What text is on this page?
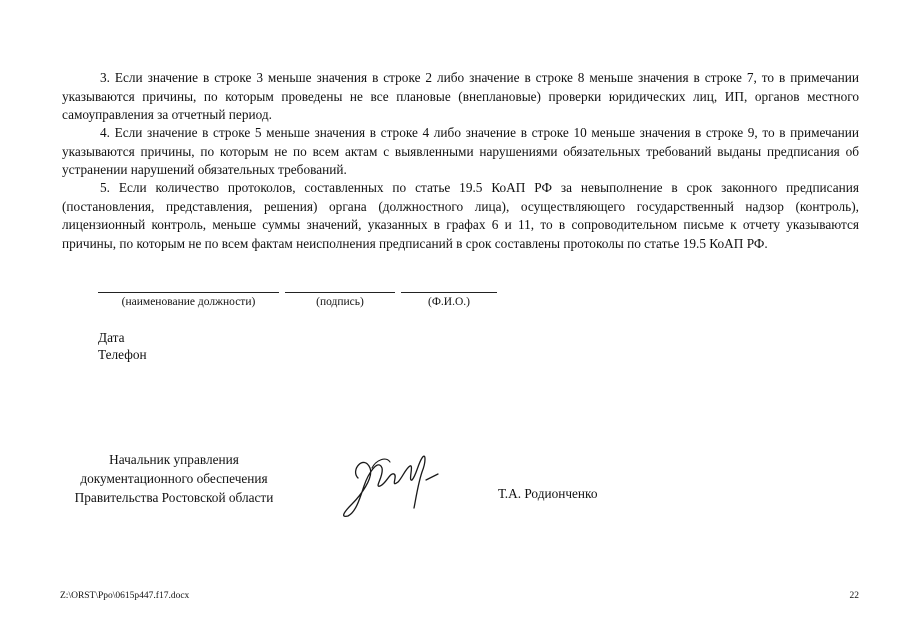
3. Если значение в строке 3 меньше значения в строке 2 либо значение в строке 8 меньше значения в строке 7, то в примечании указываются причины, по которым проведены не все плановые (внеплановые) проверки юридических лиц, ИП, органов местного самоуправления за отчетный период.

4. Если значение в строке 5 меньше значения в строке 4 либо значение в строке 10 меньше значения в строке 9, то в примечании указываются причины, по которым не по всем актам с выявленными нарушениями обязательных требований выданы предписания об устранении нарушений обязательных требований.

5. Если количество протоколов, составленных по статье 19.5 КоАП РФ за невыполнение в срок законного предписания (постановления, представления, решения) органа (должностного лица), осуществляющего государственный надзор (контроль), лицензионный контроль, меньше суммы значений, указанных в графах 6 и 11, то в сопроводительном письме к отчету указываются причины, по которым не по всем фактам неисполнения предписаний в срок составлены протоколы по статье 19.5 КоАП РФ.

(наименование должности)	(подпись)	(Ф.И.О.)
Дата
Телефон
Начальник управления
документационного обеспечения
Правительства Ростовской области	Т.А. Родионченко
Z:\ORST\Ppo\0615p447.f17.docx	22
